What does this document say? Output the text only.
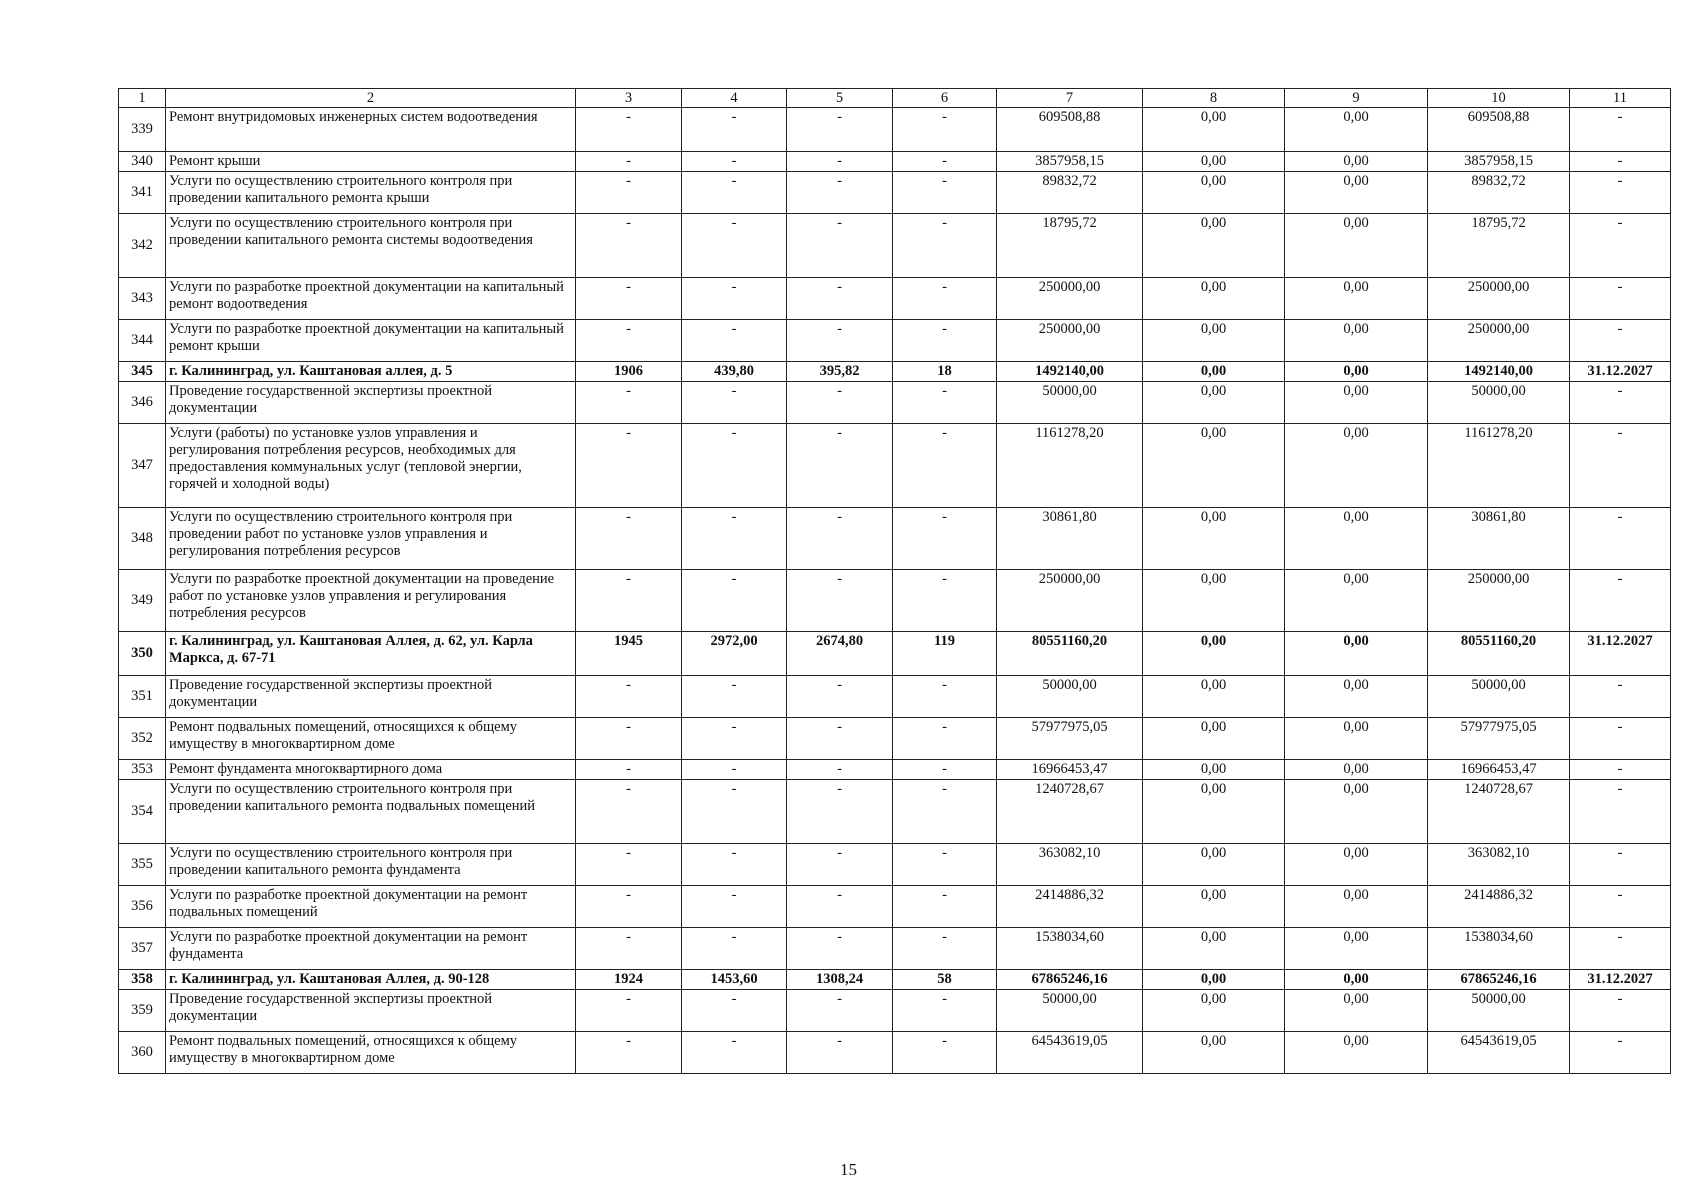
1	2	3	4	5	6	7	8	9	10	11
339	Ремонт внутридомовых инженерных систем водоотведения	-	-	-	-	609508,88	0,00	0,00	609508,88	-
340	Ремонт крыши	-	-	-	-	3857958,15	0,00	0,00	3857958,15	-
341	Услуги по осуществлению строительного контроля при проведении капитального ремонта крыши	-	-	-	-	89832,72	0,00	0,00	89832,72	-
342	Услуги по осуществлению строительного контроля при проведении капитального ремонта системы водоотведения	-	-	-	-	18795,72	0,00	0,00	18795,72	-
343	Услуги по разработке проектной документации на капитальный ремонт водоотведения	-	-	-	-	250000,00	0,00	0,00	250000,00	-
344	Услуги по разработке проектной документации на капитальный ремонт крыши	-	-	-	-	250000,00	0,00	0,00	250000,00	-
345	г. Калининград, ул. Каштановая аллея, д. 5	1906	439,80	395,82	18	1492140,00	0,00	0,00	1492140,00	31.12.2027
346	Проведение государственной экспертизы проектной документации	-	-	-	-	50000,00	0,00	0,00	50000,00	-
347	Услуги (работы) по установке узлов управления и регулирования потребления ресурсов, необходимых для предоставления коммунальных услуг (тепловой энергии, горячей и холодной воды)	-	-	-	-	1161278,20	0,00	0,00	1161278,20	-
348	Услуги по осуществлению строительного контроля при проведении работ по установке узлов управления и регулирования потребления ресурсов	-	-	-	-	30861,80	0,00	0,00	30861,80	-
349	Услуги по разработке проектной документации на проведение работ по установке узлов управления и регулирования потребления ресурсов	-	-	-	-	250000,00	0,00	0,00	250000,00	-
350	г. Калининград, ул. Каштановая Аллея, д. 62, ул. Карла Маркса, д. 67-71	1945	2972,00	2674,80	119	80551160,20	0,00	0,00	80551160,20	31.12.2027
351	Проведение государственной экспертизы проектной документации	-	-	-	-	50000,00	0,00	0,00	50000,00	-
352	Ремонт подвальных помещений, относящихся к общему имуществу в многоквартирном доме	-	-	-	-	57977975,05	0,00	0,00	57977975,05	-
353	Ремонт фундамента многоквартирного дома	-	-	-	-	16966453,47	0,00	0,00	16966453,47	-
354	Услуги по осуществлению строительного контроля при проведении капитального ремонта подвальных помещений	-	-	-	-	1240728,67	0,00	0,00	1240728,67	-
355	Услуги по осуществлению строительного контроля при проведении капитального ремонта фундамента	-	-	-	-	363082,10	0,00	0,00	363082,10	-
356	Услуги по разработке проектной документации на ремонт подвальных помещений	-	-	-	-	2414886,32	0,00	0,00	2414886,32	-
357	Услуги по разработке проектной документации на ремонт фундамента	-	-	-	-	1538034,60	0,00	0,00	1538034,60	-
358	г. Калининград, ул. Каштановая Аллея, д. 90-128	1924	1453,60	1308,24	58	67865246,16	0,00	0,00	67865246,16	31.12.2027
359	Проведение государственной экспертизы проектной документации	-	-	-	-	50000,00	0,00	0,00	50000,00	-
360	Ремонт подвальных помещений, относящихся к общему имуществу в многоквартирном доме	-	-	-	-	64543619,05	0,00	0,00	64543619,05	-
15
